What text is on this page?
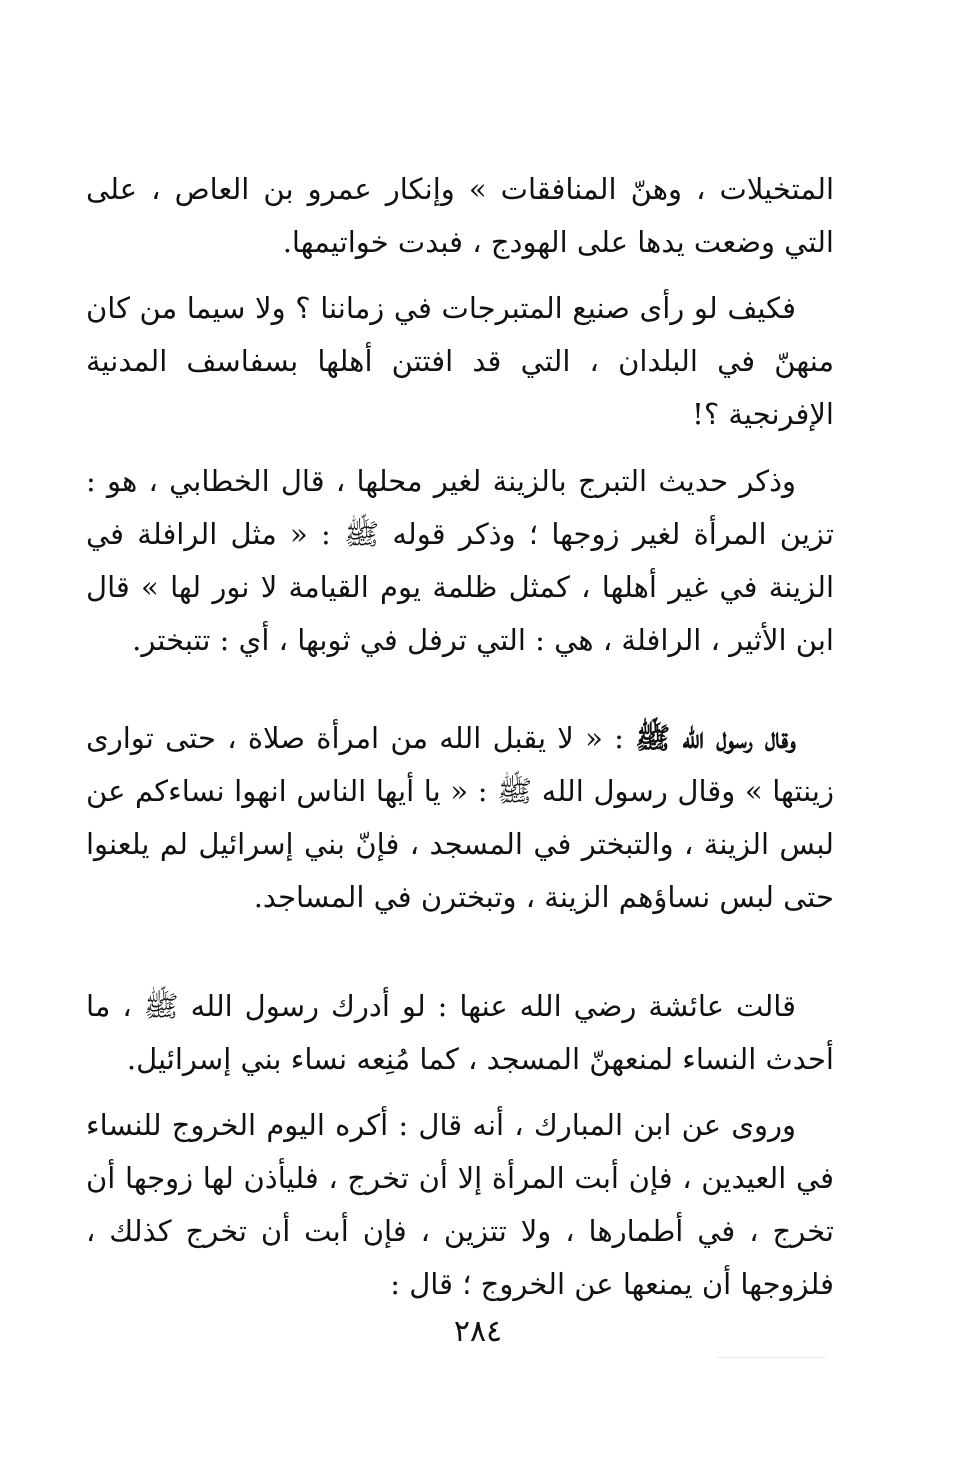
المتخيلات ، وهنّ المنافقات » وإنكار عمرو بن العاص ، على التي وضعت يدها على الهودج ، فبدت خواتيمها.

فكيف لو رأى صنيع المتبرجات في زماننا ؟ ولا سيما من كان منهنّ في البلدان ، التي قد افتتن أهلها بسفاسف المدنية الإفرنجية ؟!

وذكر حديث التبرج بالزينة لغير محلها ، قال الخطابي ، هو : تزين المرأة لغير زوجها ؛ وذكر قوله ﷺ : « مثل الرافلة في الزينة في غير أهلها ، كمثل ظلمة يوم القيامة لا نور لها » قال ابن الأثير ، الرافلة ، هي : التي ترفل في ثوبها ، أي : تتبختر.

وقال رسول الله ﷺ : « لا يقبل الله من امرأة صلاة ، حتى توارى زينتها » وقال رسول الله ﷺ : « يا أيها الناس انهوا نساءكم عن لبس الزينة ، والتبختر في المسجد ، فإنّ بني إسرائيل لم يلعنوا حتى لبس نساؤهم الزينة ، وتبخترن في المساجد.

قالت عائشة رضي الله عنها : لو أدرك رسول الله ﷺ ، ما أحدث النساء لمنعهنّ المسجد ، كما مُنِعه نساء بني إسرائيل.

وروى عن ابن المبارك ، أنه قال : أكره اليوم الخروج للنساء في العيدين ، فإن أبت المرأة إلا أن تخرج ، فليأذن لها زوجها أن تخرج ، في أطمارها ، ولا تتزين ، فإن أبت أن تخرج كذلك ، فلزوجها أن يمنعها عن الخروج ؛ قال :

٢٨٤
